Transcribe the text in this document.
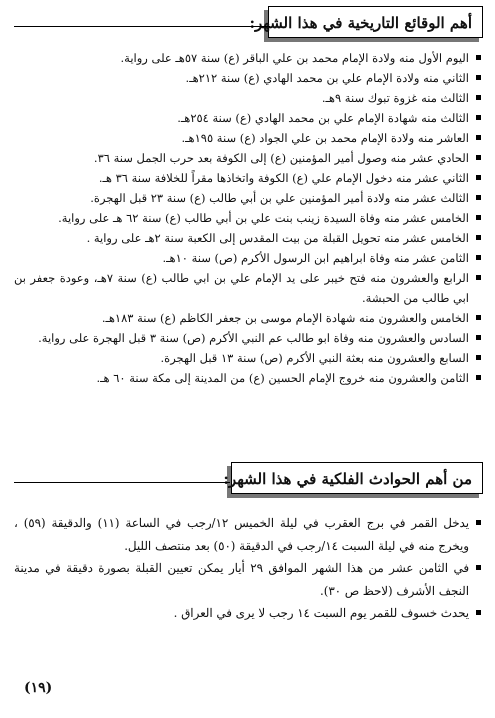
أهم الوقائع التاريخية في هذا الشهر:
اليوم الأول منه ولادة الإمام محمد بن علي الباقر (ع) سنة ٥٧هـ على رواية.
الثاني منه ولادة الإمام علي بن محمد الهادي (ع) سنة ٢١٢هـ.
الثالث منه غزوة تبوك سنة ٩هـ.
الثالث منه شهادة الإمام علي بن محمد الهادي (ع) سنة ٢٥٤هـ.
العاشر منه ولادة الإمام محمد بن علي الجواد (ع) سنة ١٩٥هـ.
الحادي عشر منه وصول أمير المؤمنين (ع) إلى الكوفة بعد حرب الجمل سنة ٣٦.
الثاني عشر منه دخول الإمام علي (ع) الكوفة واتخاذها مقراً للخلافة سنة ٣٦ هـ.
الثالث عشر منه ولادة أمير المؤمنين علي بن أبي طالب (ع) سنة ٢٣ قبل الهجرة.
الخامس عشر منه وفاة السيدة زينب بنت علي بن أبي طالب (ع) سنة ٦٢ هـ على رواية.
الخامس عشر منه تحويل القبلة من بيت المقدس إلى الكعبة سنة ٢هـ على رواية .
الثامن عشر منه وفاة ابراهيم ابن الرسول الأكرم (ص) سنة ١٠هـ.
الرابع والعشرون منه فتح خيبر على يد الإمام علي بن ابي طالب (ع) سنة ٧هـ، وعودة جعفر بن ابي طالب من الحبشة.
الخامس والعشرون منه شهادة الإمام موسى بن جعفر الكاظم (ع) سنة ١٨٣هـ.
السادس والعشرون منه وفاة ابو طالب عم النبي الأكرم (ص) سنة ٣ قبل الهجرة على رواية.
السابع والعشرون منه بعثة النبي الأكرم (ص) سنة ١٣ قبل الهجرة.
الثامن والعشرون منه خروج الإمام الحسين (ع) من المدينة إلى مكة سنة ٦٠ هـ.
من أهم الحوادث الفلكية في هذا الشهر:
يدخل القمر في برج العقرب في ليلة الخميس ١٢/رجب في الساعة (١١) والدقيقة (٥٩) ، ويخرج منه في ليلة السبت ١٤/رجب في الدقيقة (٥٠) بعد منتصف الليل.
في الثامن عشر من هذا الشهر الموافق ٢٩ أيار يمكن تعيين القبلة بصورة دقيقة في مدينة النجف الأشرف (لاحظ ص ٣٠).
يحدث خسوف للقمر يوم السبت ١٤ رجب لا يرى في العراق .
(١٩)
